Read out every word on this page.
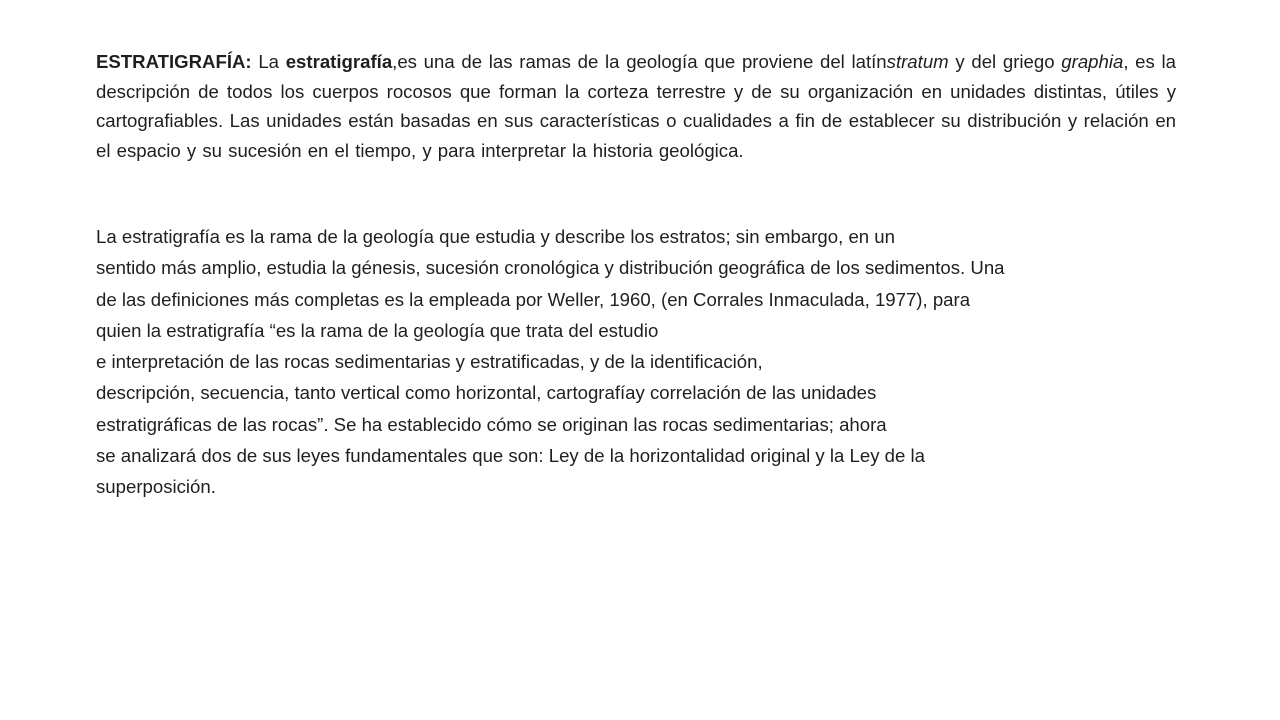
ESTRATIGRAFÍA: La estratigrafía,es una de las ramas de la geología que proviene del latínstratum y del griego graphia, es la descripción de todos los cuerpos rocosos que forman la corteza terrestre y de su organización en unidades distintas, útiles y cartografiables. Las unidades están basadas en sus características o cualidades a fin de establecer su distribución y relación en el espacio y su sucesión en el tiempo, y para interpretar la historia geológica.

La estratigrafía es la rama de la geología que estudia y describe los estratos; sin embargo, en un
sentido más amplio, estudia la génesis, sucesión cronológica y distribución geográfica de los sedimentos. Una
de las definiciones más completas es la empleada por Weller, 1960, (en Corrales Inmaculada, 1977), para
quien la estratigrafía “es la rama de la geología que trata del estudio
e interpretación de las rocas sedimentarias y estratificadas, y de la identificación,
descripción, secuencia, tanto vertical como horizontal, cartografíay correlación de las unidades
estratigráficas de las rocas”. Se ha establecido cómo se originan las rocas sedimentarias; ahora
se analizará dos de sus leyes fundamentales que son: Ley de la horizontalidad original y la Ley de la
superposición.
